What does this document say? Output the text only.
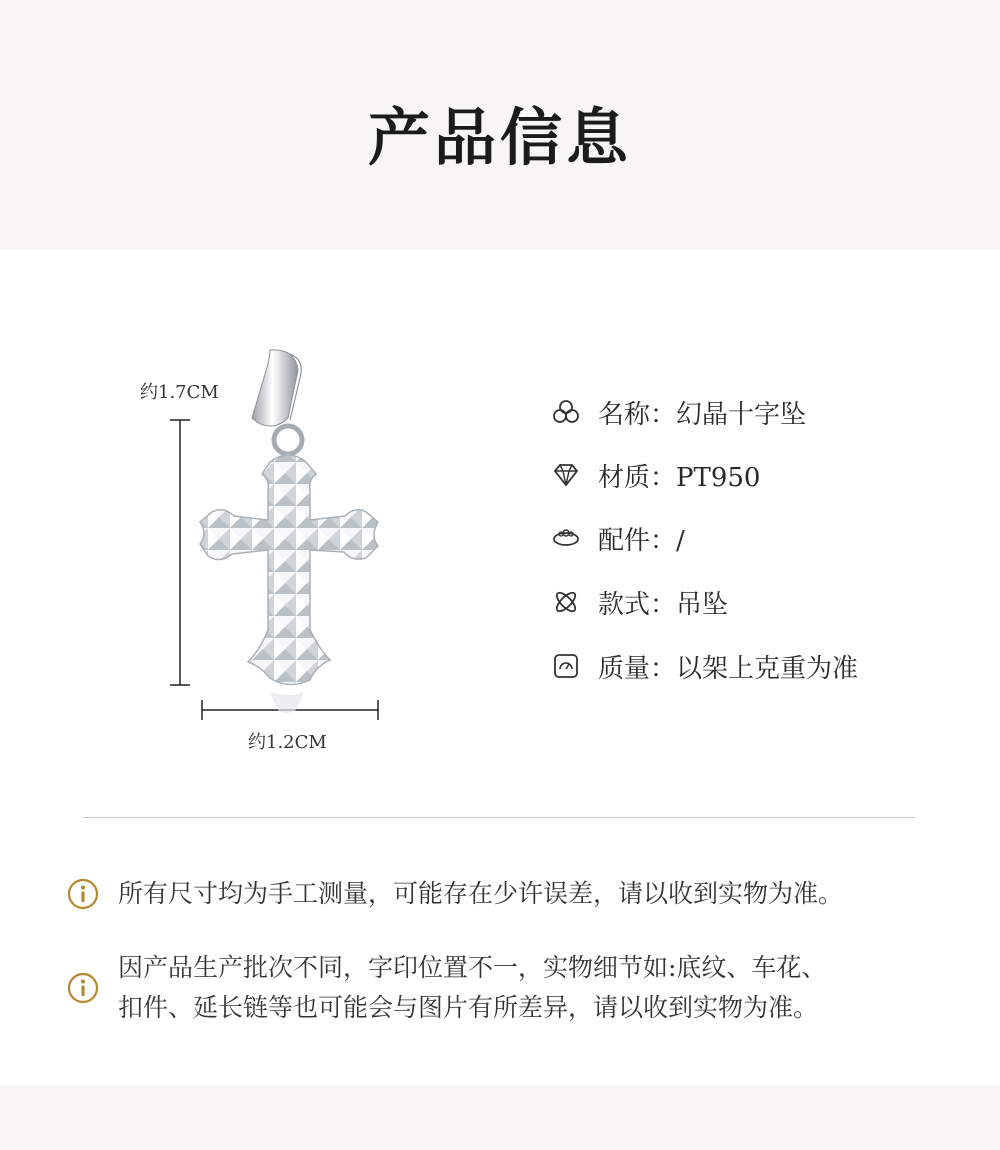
产品信息
约1.7CM
约1.2CM
名称：幻晶十字坠
材质：PT950
配件：/
款式：吊坠
质量：以架上克重为准
所有尺寸均为手工测量，可能存在少许误差，请以收到实物为准。
因产品生产批次不同，字印位置不一，实物细节如:底纹、车花、
扣件、延长链等也可能会与图片有所差异，请以收到实物为准。
